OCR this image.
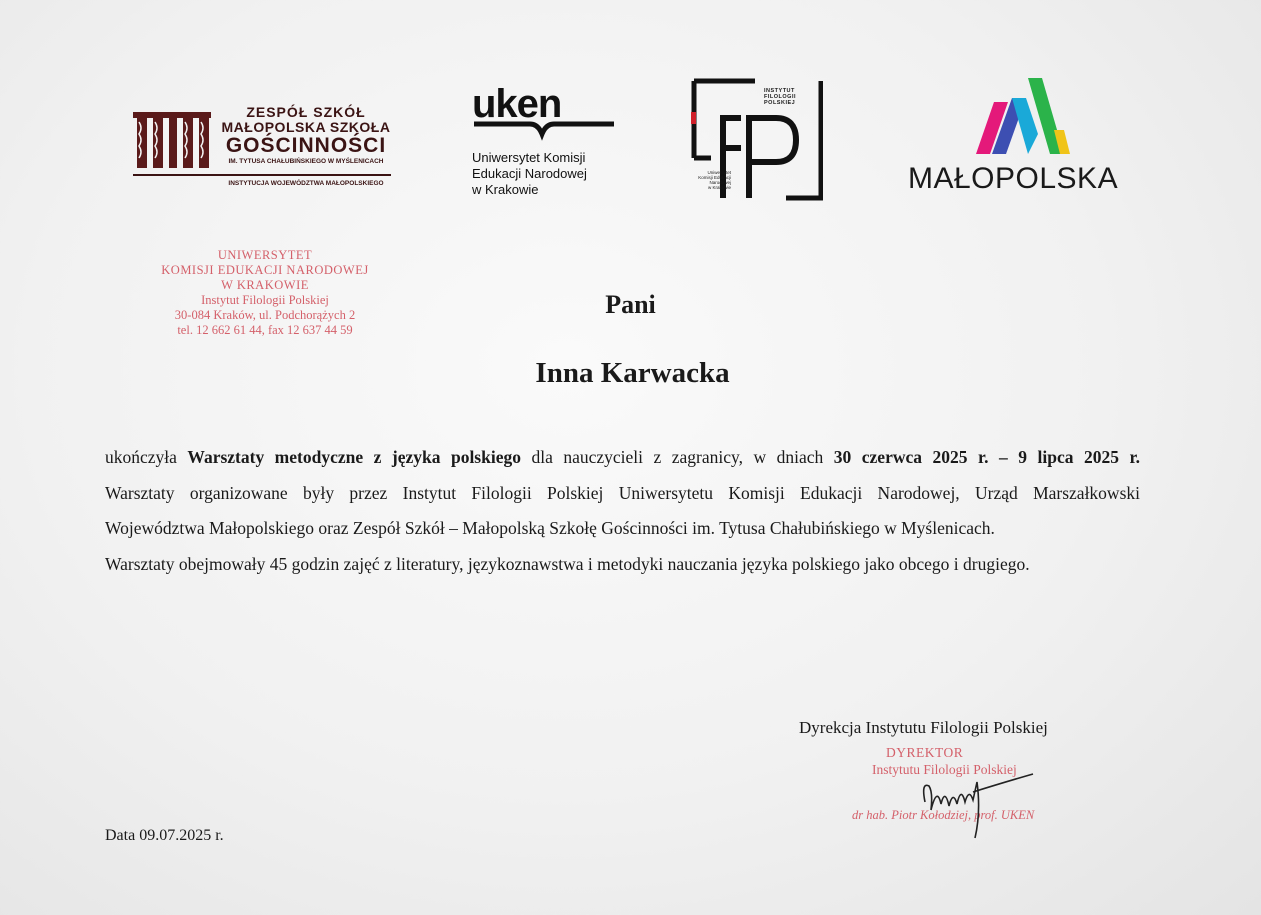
ZESPÓŁ SZKÓŁ
MAŁOPOLSKA SZKOŁA
GOŚCINNOŚCI
IM. TYTUSA CHAŁUBIŃSKIEGO W MYŚLENICACH
INSTYTUCJA WOJEWÓDZTWA MAŁOPOLSKIEGO
uken
Uniwersytet Komisji
Edukacji Narodowej
w Krakowie
INSTYTUT
FILOLOGII
POLSKIEJ
Uniwersytet
Komisji Edukacji
Narodowej
w Krakowie	MAŁOPOLSKA
UNIWERSYTET
KOMISJI EDUKACJI NARODOWEJ
W KRAKOWIE
Instytut Filologii Polskiej
30-084 Kraków, ul. Podchorążych 2
tel. 12 662 61 44, fax 12 637 44 59
Pani
Inna Karwacka

ukończyła Warsztaty metodyczne z języka polskiego dla nauczycieli z zagranicy, w dniach 30 czerwca 2025 r. – 9 lipca 2025 r.

Warsztaty organizowane były przez Instytut Filologii Polskiej Uniwersytetu Komisji Edukacji Narodowej, Urząd Marszałkowski

Województwa Małopolskiego oraz Zespół Szkół – Małopolską Szkołę Gościnności im. Tytusa Chałubińskiego w Myślenicach.

Warsztaty obejmowały 45 godzin zajęć z literatury, językoznawstwa i metodyki nauczania języka polskiego jako obcego i drugiego.

Dyrekcja Instytutu Filologii Polskiej
DYREKTOR
Instytutu Filologii Polskiej
dr hab. Piotr Kołodziej, prof. UKEN
Data 09.07.2025 r.
